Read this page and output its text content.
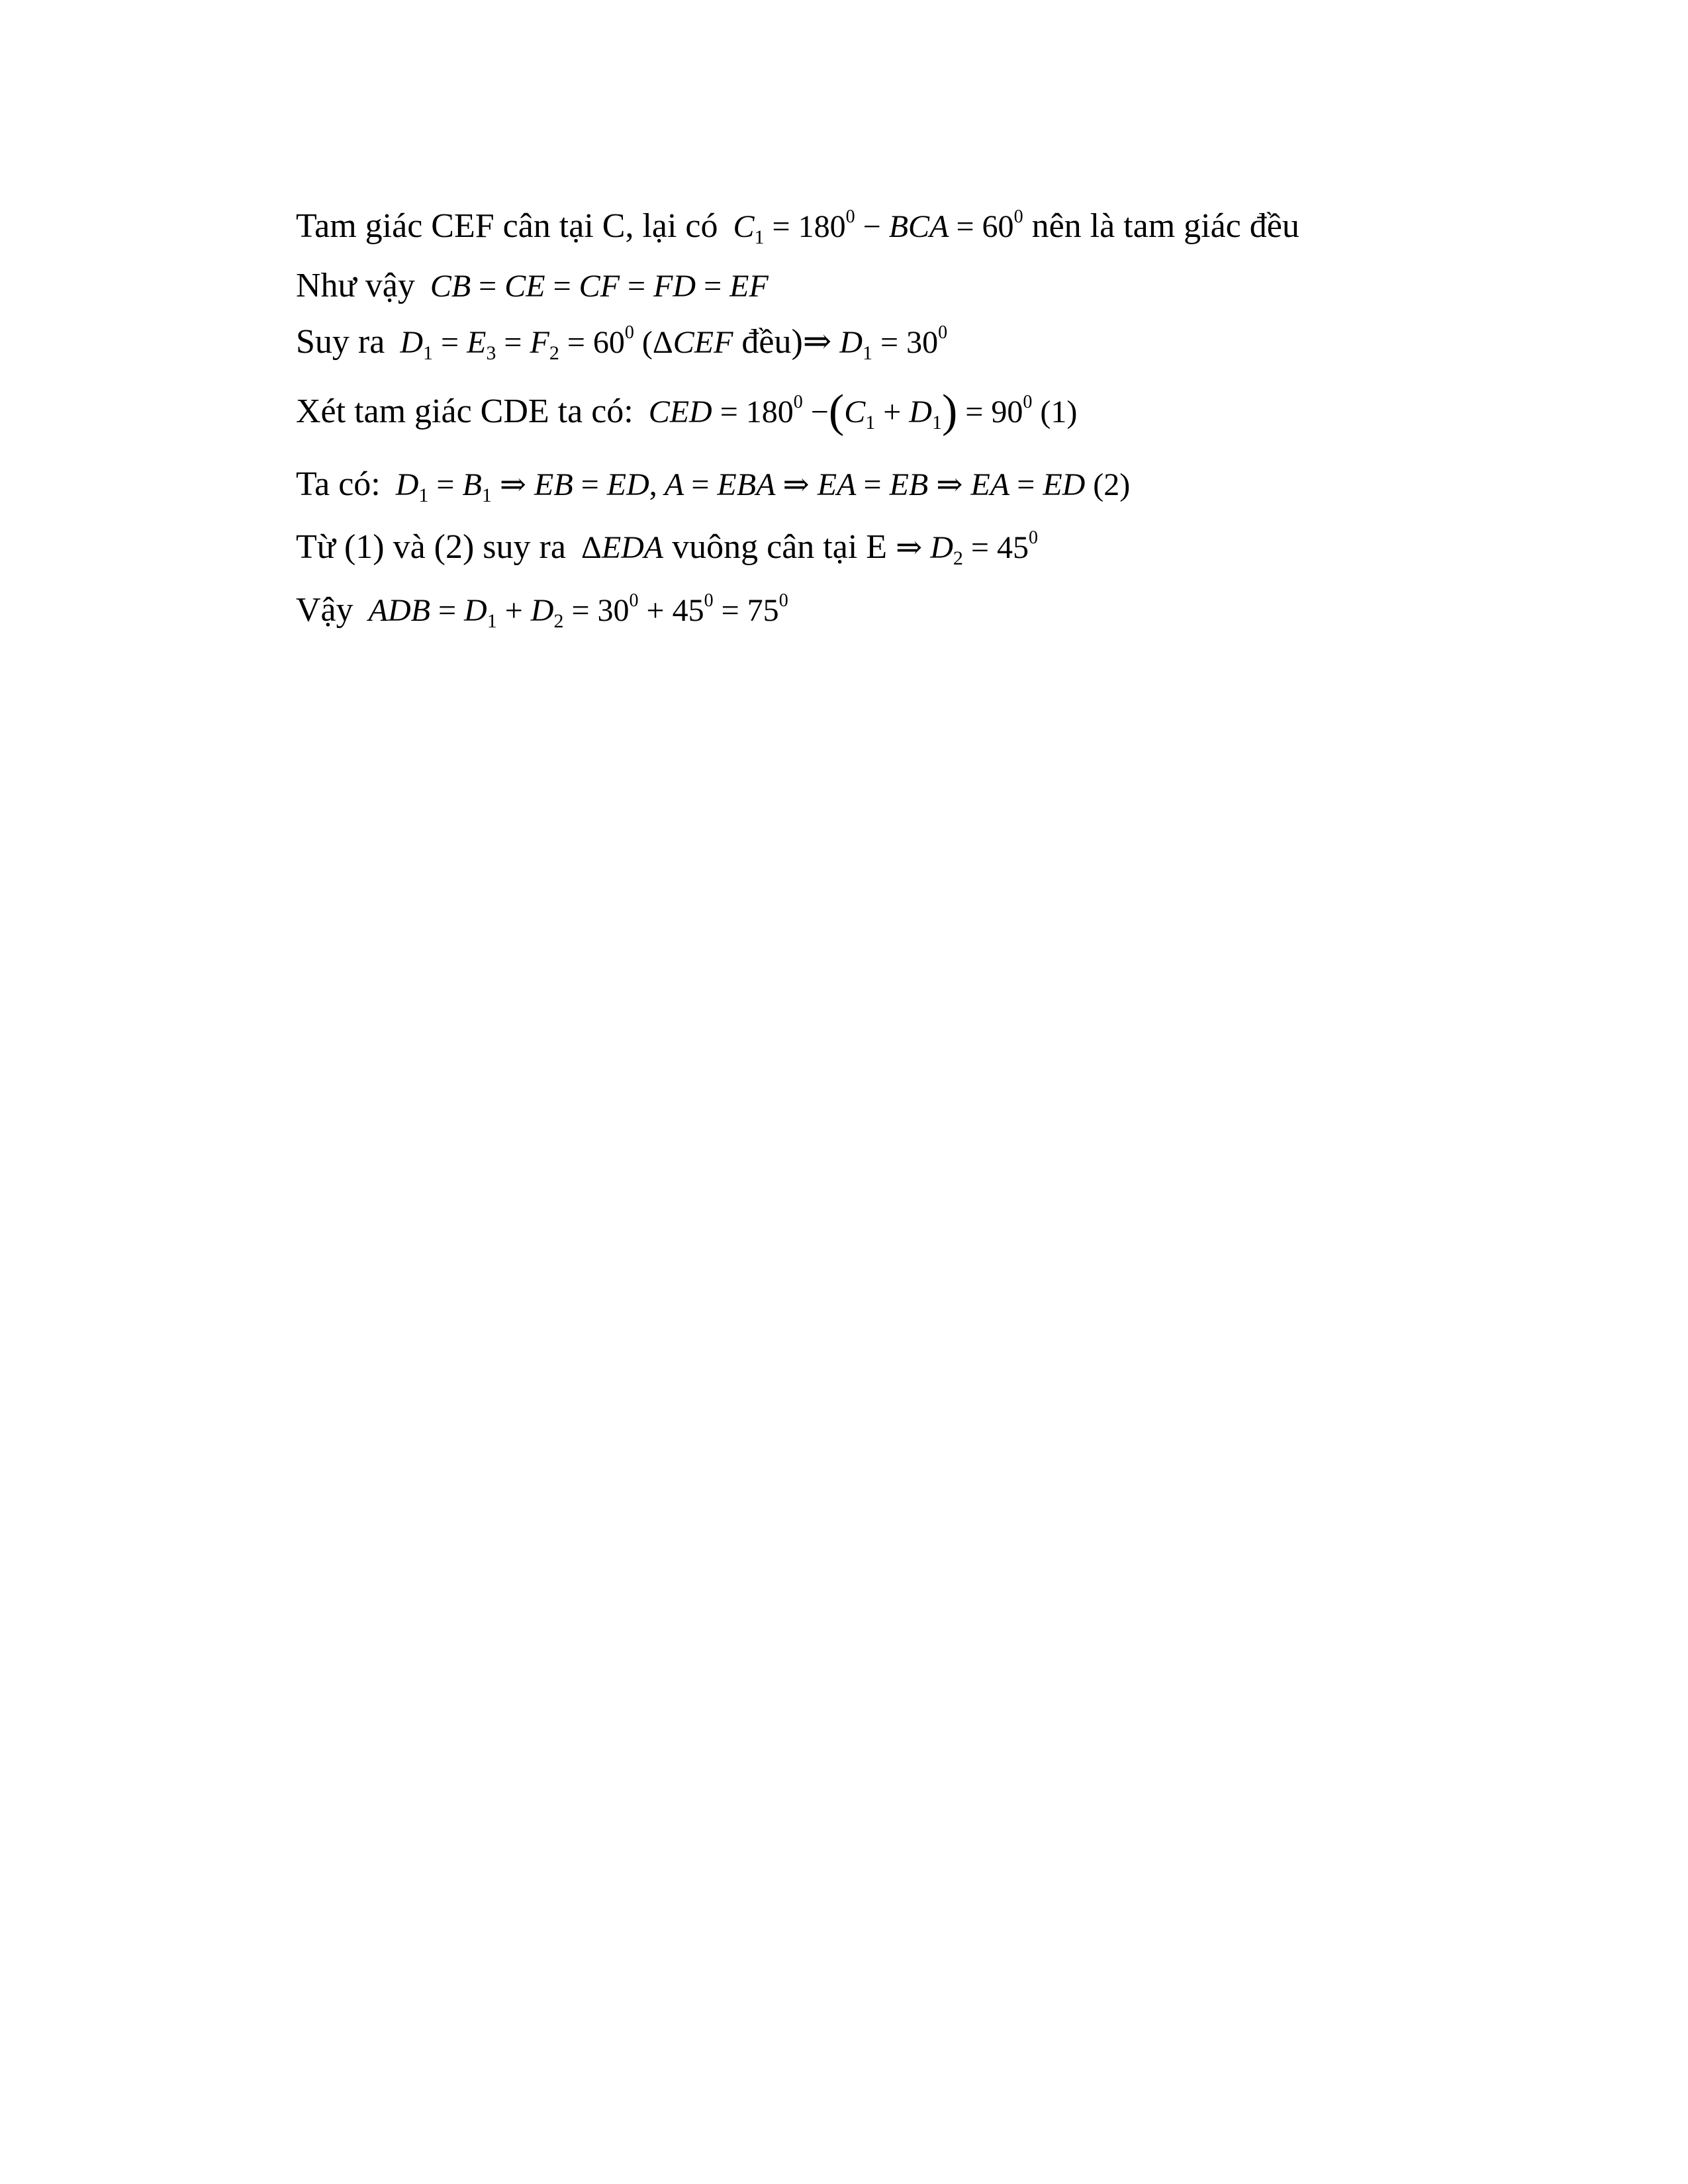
Tam giác CEF cân tại C, lại có $C_1 = 180^0$ − BCA = $60^0$ nên là tam giác đều
Như vậy CB = CE = CF = FD = EF
Suy ra $D_1 = E_3 = F_2 = 60^0$ (ΔCEF đều)⇒ $D_1 = 30^0$
Xét tam giác CDE ta có: CED = $180^0 -(C_1 + D_1) = 90^0$ (1)
Ta có: $D_1 = B_1$ ⇒ EB = ED, A = EBA ⇒ EA = EB ⇒ EA = ED (2)
Từ (1) và (2) suy ra ΔEDA vuông cân tại E ⇒ $D_2 = 45^0$
Vậy ADB = $D_1 + D_2 = 30^0 + 45^0 = 75^0$
